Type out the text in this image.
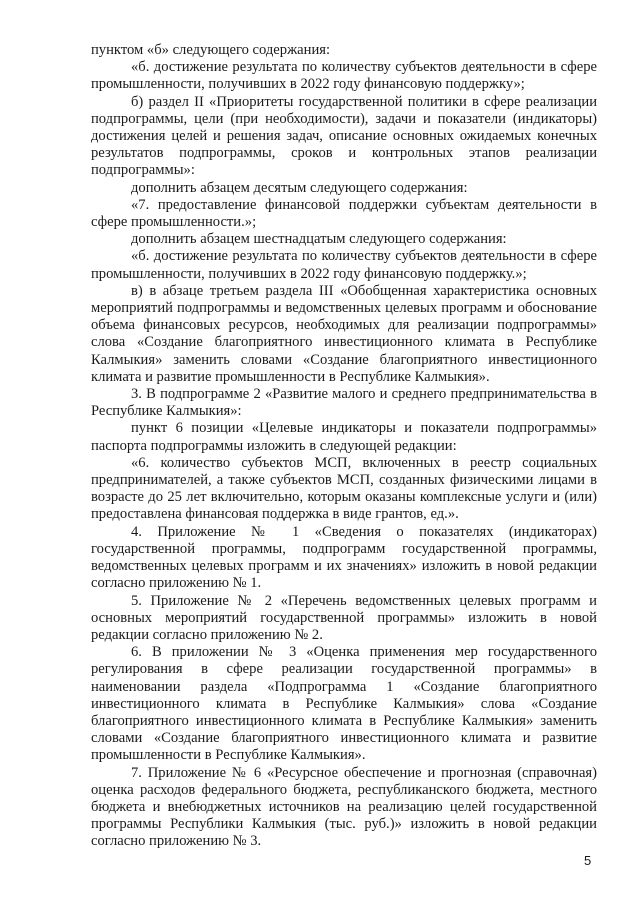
пунктом «б» следующего содержания:

«б. достижение результата по количеству субъектов деятельности в сфере промышленности, получивших в 2022 году финансовую поддержку»;

б) раздел II «Приоритеты государственной политики в сфере реализации подпрограммы, цели (при необходимости), задачи и показатели (индикаторы) достижения целей и решения задач, описание основных ожидаемых конечных результатов подпрограммы, сроков и контрольных этапов реализации подпрограммы»:

дополнить абзацем десятым следующего содержания:

«7. предоставление финансовой поддержки субъектам деятельности в сфере промышленности.»;

дополнить абзацем шестнадцатым следующего содержания:

«б. достижение результата по количеству субъектов деятельности в сфере промышленности, получивших в 2022 году финансовую поддержку.»;

в) в абзаце третьем раздела III «Обобщенная характеристика основных мероприятий подпрограммы и ведомственных целевых программ и обоснование объема финансовых ресурсов, необходимых для реализации подпрограммы» слова «Создание благоприятного инвестиционного климата в Республике Калмыкия» заменить словами «Создание благоприятного инвестиционного климата и развитие промышленности в Республике Калмыкия».

3. В подпрограмме 2 «Развитие малого и среднего предпринимательства в Республике Калмыкия»:

пункт 6 позиции «Целевые индикаторы и показатели подпрограммы» паспорта подпрограммы изложить в следующей редакции:

«6. количество субъектов МСП, включенных в реестр социальных предпринимателей, а также субъектов МСП, созданных физическими лицами в возрасте до 25 лет включительно, которым оказаны комплексные услуги и (или) предоставлена финансовая поддержка в виде грантов, ед.».

4. Приложение № 1 «Сведения о показателях (индикаторах) государственной программы, подпрограмм государственной программы, ведомственных целевых программ и их значениях» изложить в новой редакции согласно приложению № 1.

5. Приложение № 2 «Перечень ведомственных целевых программ и основных мероприятий государственной программы» изложить в новой редакции согласно приложению № 2.

6. В приложении № 3 «Оценка применения мер государственного регулирования в сфере реализации государственной программы» в наименовании раздела «Подпрограмма 1 «Создание благоприятного инвестиционного климата в Республике Калмыкия» слова «Создание благоприятного инвестиционного климата в Республике Калмыкия» заменить словами «Создание благоприятного инвестиционного климата и развитие промышленности в Республике Калмыкия».

7. Приложение № 6 «Ресурсное обеспечение и прогнозная (справочная) оценка расходов федерального бюджета, республиканского бюджета, местного бюджета и внебюджетных источников на реализацию целей государственной программы Республики Калмыкия (тыс. руб.)» изложить в новой редакции согласно приложению № 3.

5
